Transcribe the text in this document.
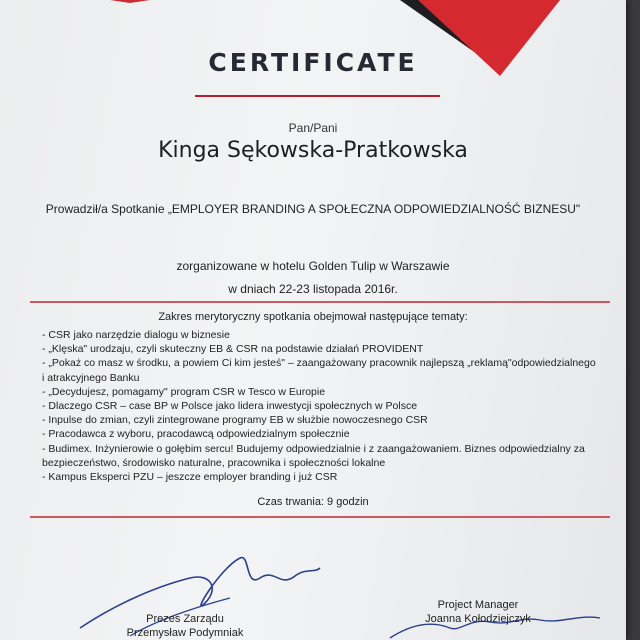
CERTIFICATE
Pan/Pani
Kinga Sękowska-Pratkowska
Prowadził/a Spotkanie „EMPLOYER BRANDING A SPOŁECZNA ODPOWIEDZIALNOŚĆ BIZNESU"
zorganizowane w hotelu Golden Tulip w Warszawie
w dniach 22-23 listopada 2016r.
Zakres merytoryczny spotkania obejmował następujące tematy:
- CSR jako narzędzie dialogu w biznesie
- „Klęska" urodzaju, czyli skuteczny EB & CSR na podstawie działań PROVIDENT
- „Pokaż co masz w środku, a powiem Ci kim jesteś" – zaangażowany pracownik najlepszą „reklamą"odpowiedzialnego
i atrakcyjnego Banku
- „Decydujesz, pomagamy" program CSR w Tesco w Europie
- Dlaczego CSR – case BP w Polsce jako lidera inwestycji społecznych w Polsce
- Inpulse do zmian, czyli zintegrowane programy EB w służbie nowoczesnego CSR
- Pracodawca z wyboru, pracodawcą odpowiedzialnym społecznie
- Budimex. Inżynierowie o gołębim sercu! Budujemy odpowiedzialnie i z zaangażowaniem. Biznes odpowiedzialny za
bezpieczeństwo, środowisko naturalne, pracownika i społeczności lokalne
- Kampus Eksperci PZU – jeszcze employer branding i już CSR
Czas trwania: 9 godzin
Prezes Zarządu
Przemysław Podymniak
Project Manager
Joanna Kołodziejczyk
